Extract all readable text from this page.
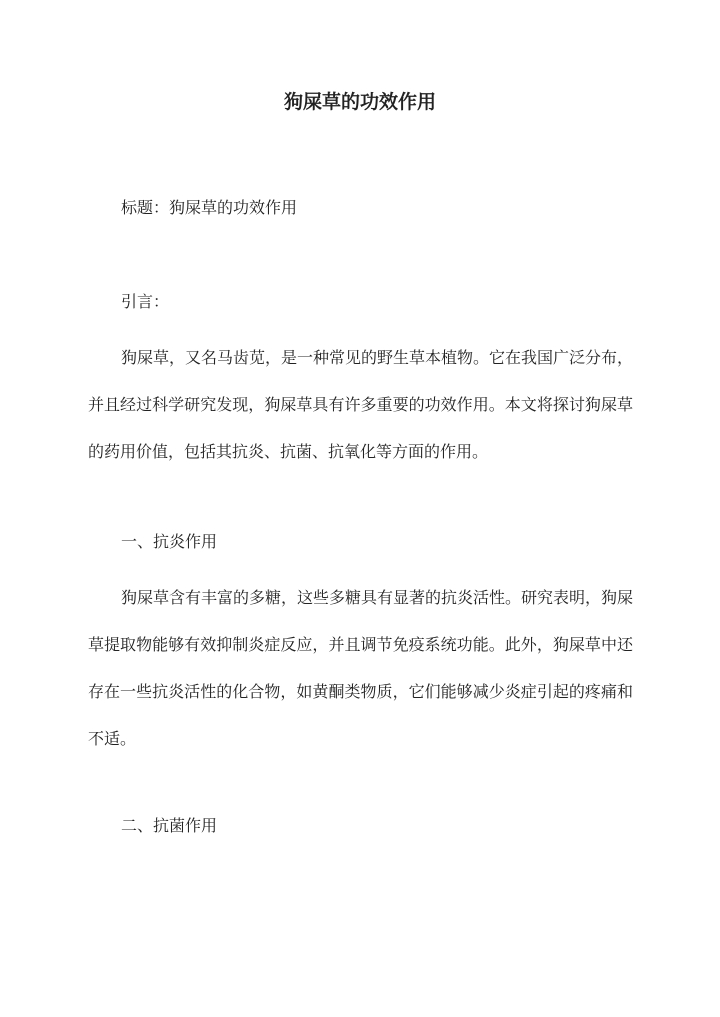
狗屎草的功效作用

标题：狗屎草的功效作用

引言：

狗屎草，又名马齿苋，是一种常见的野生草本植物。它在我国广泛分布，并且经过科学研究发现，狗屎草具有许多重要的功效作用。本文将探讨狗屎草的药用价值，包括其抗炎、抗菌、抗氧化等方面的作用。

一、抗炎作用

狗屎草含有丰富的多糖，这些多糖具有显著的抗炎活性。研究表明，狗屎草提取物能够有效抑制炎症反应，并且调节免疫系统功能。此外，狗屎草中还存在一些抗炎活性的化合物，如黄酮类物质，它们能够减少炎症引起的疼痛和不适。

二、抗菌作用
